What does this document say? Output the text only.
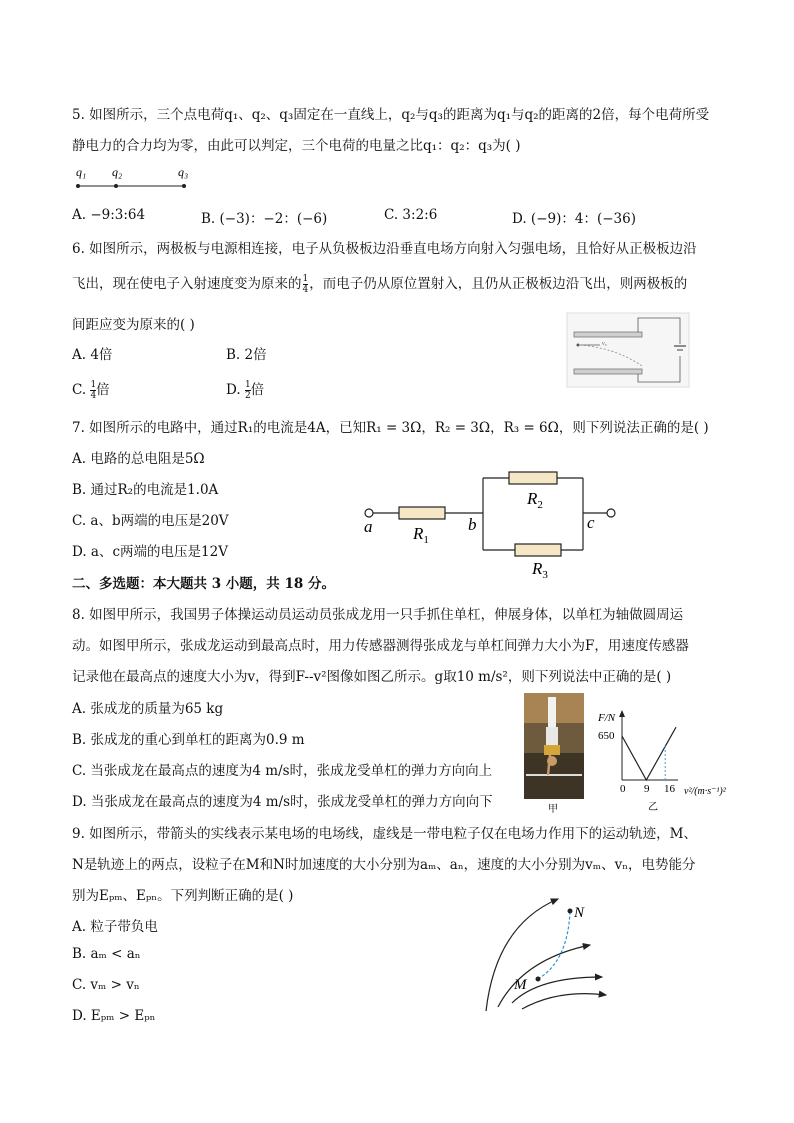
5. 如图所示，三个点电荷q₁、q₂、q₃固定在一直线上，q₂与q₃的距离为q₁与q₂的距离的2倍，每个电荷所受
静电力的合力均为零，由此可以判定，三个电荷的电量之比q₁：q₂：q₃为( )
q₁ q₂	q₃
A. −9:3:64	B. (−3)：−2：(−6)	C. 3:2:6	D. (−9)：4：(−36)
6. 如图所示，两极板与电源相连接，电子从负极板边沿垂直电场方向射入匀强电场，且恰好从正极板边沿
飞出，现在使电子入射速度变为原来的 $\frac{1}{4}$ ，而电子仍从原位置射入，且仍从正极板边沿飞出，则两极板的
间距应变为原来的( )
A. 4倍	B. 2倍
C. $\frac{1}{4}$ 倍	D. $\frac{1}{2}$ 倍
v₀
7. 如图所示的电路中，通过R₁的电流是4A，已知R₁ = 3Ω，R₂ = 3Ω，R₃ = 6Ω，则下列说法正确的是( )
A. 电路的总电阻是5Ω
B. 通过R₂的电流是1.0A
C. a、b两端的电压是20V
D. a、c两端的电压是12V
a	b	c
$R_1$
$R_2$
$R_3$
二、多选题：本大题共 3 小题，共 18 分。
8. 如图甲所示，我国男子体操运动员运动员张成龙用一只手抓住单杠，伸展身体，以单杠为轴做圆周运
动。如图甲所示，张成龙运动到最高点时，用力传感器测得张成龙与单杠间弹力大小为F，用速度传感器
记录他在最高点的速度大小为v，得到F--v²图像如图乙所示。g取10 m/s²，则下列说法中正确的是( )
A. 张成龙的质量为65 kg
B. 张成龙的重心到单杠的距离为0.9 m
C. 当张成龙在最高点的速度为4 m/s时，张成龙受单杠的弹力方向向上
D. 当张成龙在最高点的速度为4 m/s时，张成龙受单杠的弹力方向向下	甲
F/N
650
0 9 16 v²/(m·s⁻¹)²
乙
9. 如图所示，带箭头的实线表示某电场的电场线，虚线是一带电粒子仅在电场力作用下的运动轨迹，M、
N是轨迹上的两点，设粒子在M和N时加速度的大小分别为aₘ、aₙ，速度的大小分别为vₘ、vₙ，电势能分
别为Eₚₘ、Eₚₙ。下列判断正确的是( )
A. 粒子带负电
B. aₘ < aₙ
C. vₘ > vₙ
D. Eₚₘ > Eₚₙ
M
N
